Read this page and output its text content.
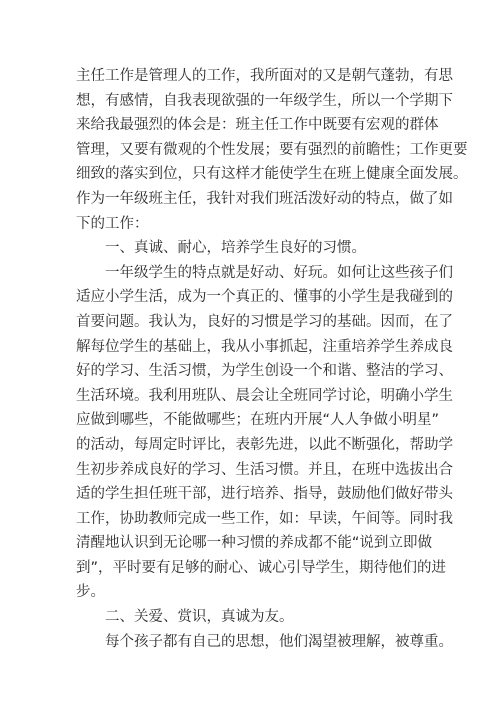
主任工作是管理人的工作，我所面对的又是朝气蓬勃，有思
想，有感情，自我表现欲强的一年级学生，所以一个学期下
来给我最强烈的体会是：班主任工作中既要有宏观的群体
管理，又要有微观的个性发展；要有强烈的前瞻性；工作更要
细致的落实到位，只有这样才能使学生在班上健康全面发展。
作为一年级班主任，我针对我们班活泼好动的特点，做了如
下的工作：
一、真诚、耐心，培养学生良好的习惯。
一年级学生的特点就是好动、好玩。如何让这些孩子们
适应小学生活，成为一个真正的、懂事的小学生是我碰到的
首要问题。我认为，良好的习惯是学习的基础。因而，在了
解每位学生的基础上，我从小事抓起，注重培养学生养成良
好的学习、生活习惯，为学生创设一个和谐、整洁的学习、
生活环境。我利用班队、晨会让全班同学讨论，明确小学生
应做到哪些，不能做哪些；在班内开展“人人争做小明星”
的活动，每周定时评比，表彰先进，以此不断强化，帮助学
生初步养成良好的学习、生活习惯。并且，在班中选拔出合
适的学生担任班干部，进行培养、指导，鼓励他们做好带头
工作，协助教师完成一些工作，如：早读，午间等。同时我
清醒地认识到无论哪一种习惯的养成都不能“说到立即做
到”，平时要有足够的耐心、诚心引导学生，期待他们的进
步。
二、关爱、赏识，真诚为友。
每个孩子都有自己的思想，他们渴望被理解，被尊重。
